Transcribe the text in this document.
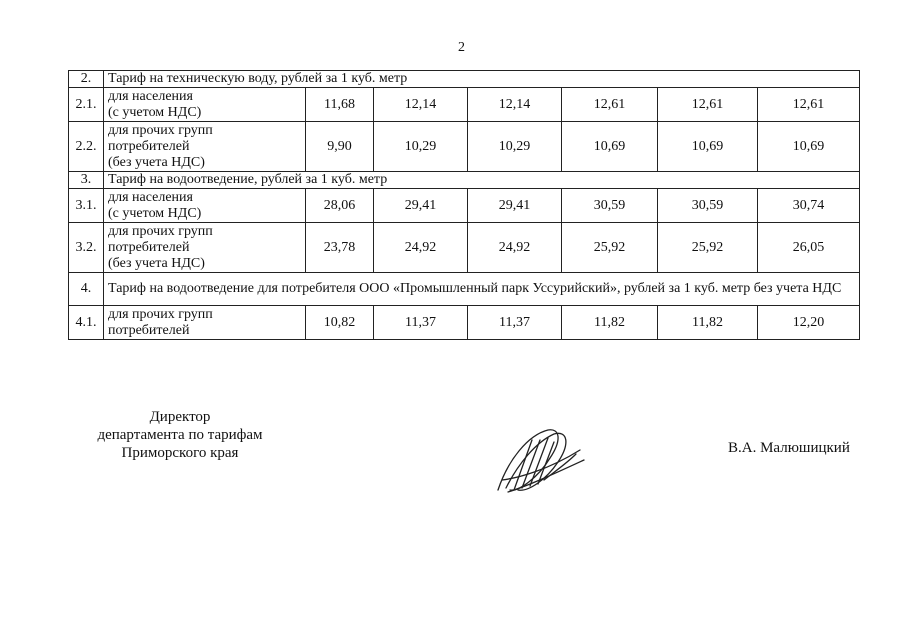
2
2.	Тариф на техническую воду, рублей за 1 куб. метр						
2.1.	для населения
(с учетом НДС)	11,68	12,14	12,14	12,61	12,61	12,61
2.2.	для прочих групп
потребителей
(без учета НДС)	9,90	10,29	10,29	10,69	10,69	10,69
3.	Тариф на водоотведение, рублей за 1 куб. метр						
3.1.	для населения
(с учетом НДС)	28,06	29,41	29,41	30,59	30,59	30,74
3.2.	для прочих групп
потребителей
(без учета НДС)	23,78	24,92	24,92	25,92	25,92	26,05
4.	Тариф на водоотведение для потребителя ООО «Промышленный парк Уссурийский», рублей за 1 куб. метр без учета НДС						
4.1.	для прочих групп
потребителей	10,82	11,37	11,37	11,82	11,82	12,20
Директор
департамента по тарифам
Приморского края	В.А. Малюшицкий
